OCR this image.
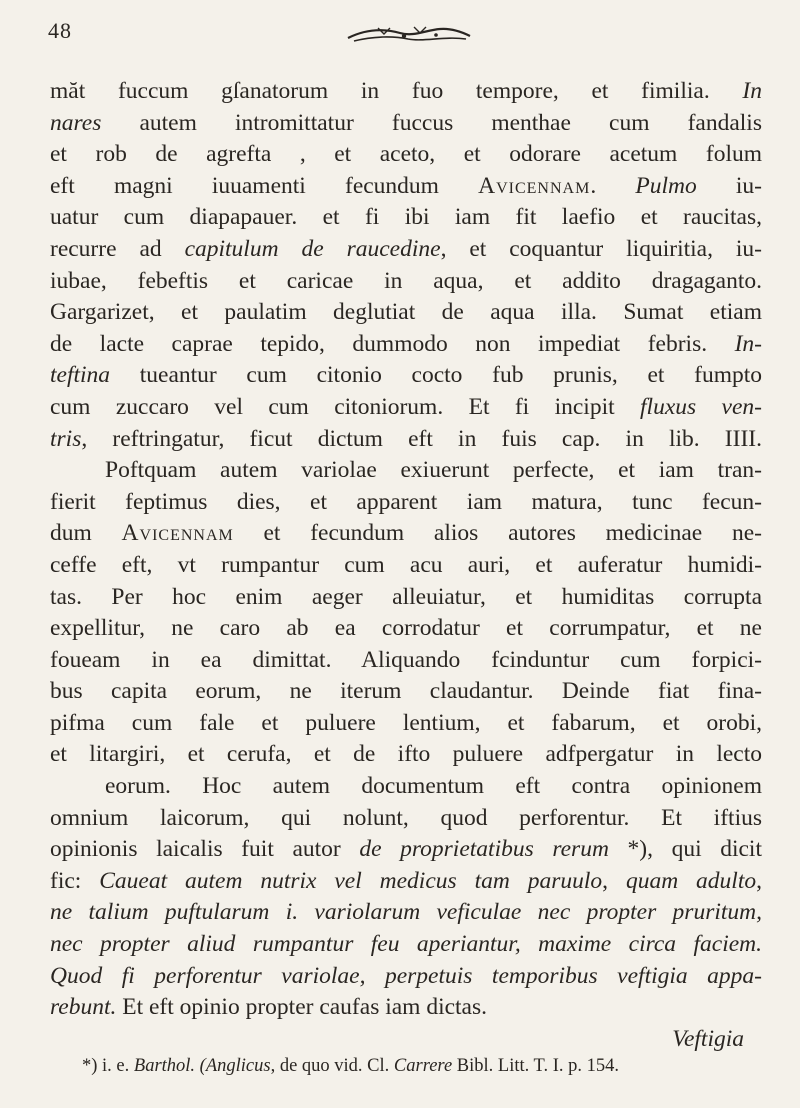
48
măt fuccum gſanatorum in fuo tempore, et fimilia. In
nares autem intromittatur fuccus menthae cum fandalis
et rob de agrefta , et aceto, et odorare acetum folum
eft magni iuuamenti fecundum Avicennam. Pulmo iu-
uatur cum diapapauer. et fi ibi iam fit laefio et raucitas,
recurre ad capitulum de raucedine, et coquantur liquiritia, iu-
iubae, febeftis et caricae in aqua, et addito dragaganto.
Gargarizet, et paulatim deglutiat de aqua illa. Sumat etiam
de lacte caprae tepido, dummodo non impediat febris. In-
teftina tueantur cum citonio cocto fub prunis, et fumpto
cum zuccaro vel cum citoniorum. Et fi incipit fluxus ven-
tris, reftringatur, ficut dictum eft in fuis cap. in lib. IIII.
Poftquam autem variolae exiuerunt perfecte, et iam tran-
fierit feptimus dies, et apparent iam matura, tunc fecun-
dum Avicennam et fecundum alios autores medicinae ne-
ceffe eft, vt rumpantur cum acu auri, et auferatur humidi-
tas. Per hoc enim aeger alleuiatur, et humiditas corrupta
expellitur, ne caro ab ea corrodatur et corrumpatur, et ne
foueam in ea dimittat. Aliquando fcinduntur cum forpici-
bus capita eorum, ne iterum claudantur. Deinde fiat fina-
pifma cum fale et puluere lentium, et fabarum, et orobi,
et litargiri, et cerufa, et de ifto puluere adfpergatur in lecto
eorum. Hoc autem documentum eft contra opinionem
omnium laicorum, qui nolunt, quod perforentur. Et iftius
opinionis laicalis fuit autor de proprietatibus rerum *), qui dicit
fic: Caueat autem nutrix vel medicus tam paruulo, quam adulto,
ne talium puftularum i. variolarum veficulae nec propter pruritum,
nec propter aliud rumpantur feu aperiantur, maxime circa faciem.
Quod fi perforentur variolae, perpetuis temporibus veftigia appa-
rebunt. Et eft opinio propter caufas iam dictas.
Veftigia
*) i. e. Barthol. (Anglicus, de quo vid. Cl. Carrere Bibl. Litt. T. I. p. 154.
